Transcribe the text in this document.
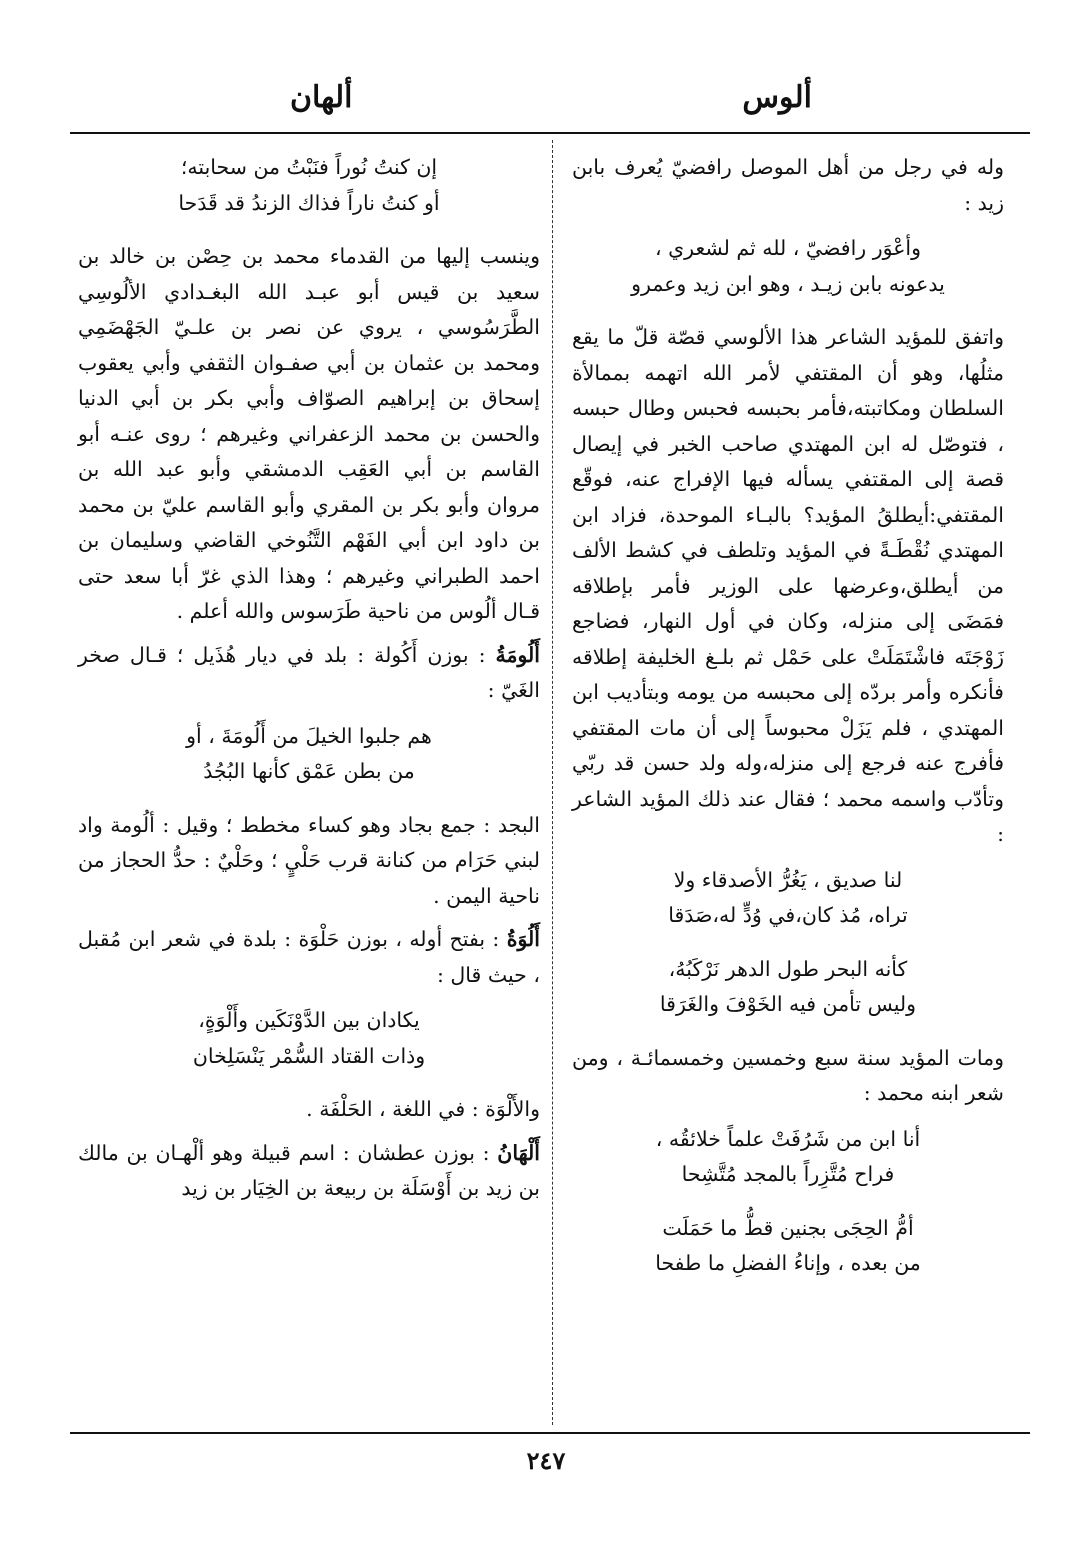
ألوس
ألهان

وله في رجل من أهل الموصل رافضيّ يُعرف بابن زيد :

وأعْوَر رافضيّ ، لله ثم لشعري ،
يدعونه بابن زيـد ، وهو ابن زيد وعمرو

واتفق للمؤيد الشاعر هذا الألوسي قصّة قلّ ما يقع مثلُها، وهو أن المقتفي لأمر الله اتهمه بممالأة السلطان ومكاتبته،فأمر بحبسه فحبس وطال حبسه ، فتوصّل له ابن المهتدي صاحب الخبر في إيصال قصة إلى المقتفي يسأله فيها الإفراج عنه، فوقّع المقتفي:أيطلقُ المؤيد؟ بالبـاء الموحدة، فزاد ابن المهتدي نُقْطَـةً في المؤيد وتلطف في كشط الألف من أيطلق،وعرضها على الوزير فأمر بإطلاقه فمَضَى إلى منزله، وكان في أول النهار، فضاجع زَوْجَتَه فاشْتَمَلَتْ على حَمْل ثم بلـغ الخليفة إطلاقه فأنكره وأمر بردّه إلى محبسه من يومه وبتأديب ابن المهتدي ، فلم يَزَلْ محبوساً إلى أن مات المقتفي فأفرج عنه فرجع إلى منزله،وله ولد حسن قد ربّي وتأدّب واسمه محمد ؛ فقال عند ذلك المؤيد الشاعر :

لنا صديق ، يَغُرُّ الأصدقاء ولا
تراه، مُذ كان،في وُدٍّ له،صَدَقا
كأنه البحر طول الدهر نَرْكَبُهُ،
وليس تأمن فيه الخَوْفَ والغَرَقا

ومات المؤيد سنة سبع وخمسين وخمسمائـة ، ومن شعر ابنه محمد :

أنا ابن من شَرُفَتْ علماً خلائقُه ،
فراح مُتَّزِراً بالمجد مُتَّشِحا
أمُّ الحِجَى بجنين قطُّ ما حَمَلَت
من بعده ، وإناءُ الفضلِ ما طفحا
إن كنتُ نُوراً فنَبْتُ من سحابته؛
أو كنتُ ناراً فذاك الزندُ قد قَدَحا

وينسب إليها من القدماء محمد بن حِصْن بن خالد بن سعيد بن قيس أبو عبـد الله البغـدادي الألُوسِي الطَّرَسُوسي ، يروي عن نصر بن علـيّ الجَهْضَمِي ومحمد بن عثمان بن أبي صفـوان الثقفي وأبي يعقوب إسحاق بن إبراهيم الصوّاف وأبي بكر بن أبي الدنيا والحسن بن محمد الزعفراني وغيرهم ؛ روى عنـه أبو القاسم بن أبي العَقِب الدمشقي وأبو عبد الله بن مروان وأبو بكر بن المقري وأبو القاسم عليّ بن محمد بن داود ابن أبي الفَهْم التَّنُوخي القاضي وسليمان بن احمد الطبراني وغيرهم ؛ وهذا الذي غرّ أبا سعد حتى قـال ألُوس من ناحية طَرَسوس والله أعلم .

أَلُومَةُ : بوزن أَكُولة : بلد في ديار هُذَيل ؛ قـال صخر الغَيّ :

هم جلبوا الخيلَ من أَلُومَةَ ، أو
من بطن عَمْق كأنها البُجُدُ

البجد : جمع بجاد وهو كساء مخطط ؛ وقيل : ألُومة واد لبني حَرَام من كنانة قرب حَلْيٍ ؛ وحَلْيٌ : حدُّ الحجاز من ناحية اليمن .

أَلُوَةُ : بفتح أوله ، بوزن حَلْوَة : بلدة في شعر ابن مُقبل ، حيث قال :

يكادان بين الدَّوْنَكَين وأَلْوَةٍ،
وذات القتاد السُّمْر يَنْسَلِخان

والأَلْوَة : في اللغة ، الحَلْفَة .

أَلْهَانُ : بوزن عطشان : اسم قبيلة وهو ألْهـان بن مالك بن زيد بن أَوْسَلَة بن ربيعة بن الخِيَار بن زيد

٢٤٧
